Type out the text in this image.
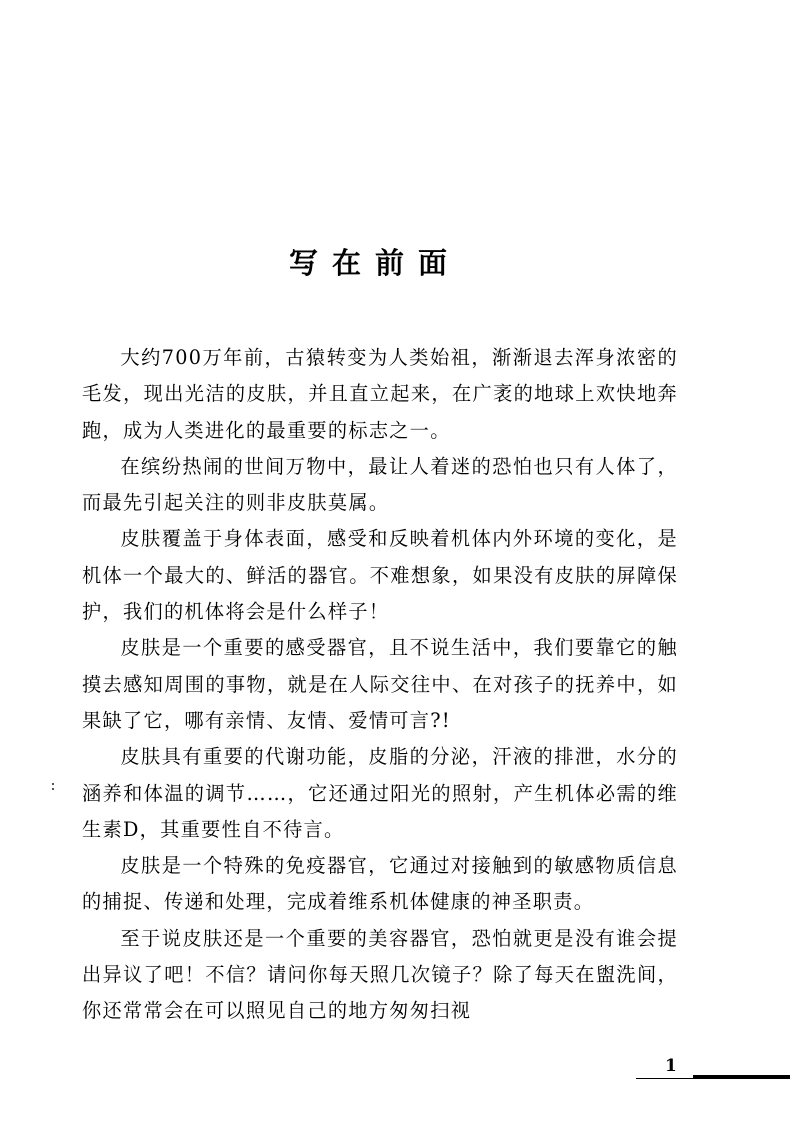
写在前面

大约700万年前，古猿转变为人类始祖，渐渐退去浑身浓密的毛发，现出光洁的皮肤，并且直立起来，在广袤的地球上欢快地奔跑，成为人类进化的最重要的标志之一。

在缤纷热闹的世间万物中，最让人着迷的恐怕也只有人体了，而最先引起关注的则非皮肤莫属。

皮肤覆盖于身体表面，感受和反映着机体内外环境的变化，是机体一个最大的、鲜活的器官。不难想象，如果没有皮肤的屏障保护，我们的机体将会是什么样子！

皮肤是一个重要的感受器官，且不说生活中，我们要靠它的触摸去感知周围的事物，就是在人际交往中、在对孩子的抚养中，如果缺了它，哪有亲情、友情、爱情可言?!

皮肤具有重要的代谢功能，皮脂的分泌，汗液的排泄，水分的涵养和体温的调节……，它还通过阳光的照射，产生机体必需的维生素D，其重要性自不待言。

皮肤是一个特殊的免疫器官，它通过对接触到的敏感物质信息的捕捉、传递和处理，完成着维系机体健康的神圣职责。

至于说皮肤还是一个重要的美容器官，恐怕就更是没有谁会提出异议了吧！不信？请问你每天照几次镜子？除了每天在盥洗间，你还常常会在可以照见自己的地方匆匆扫视

1
